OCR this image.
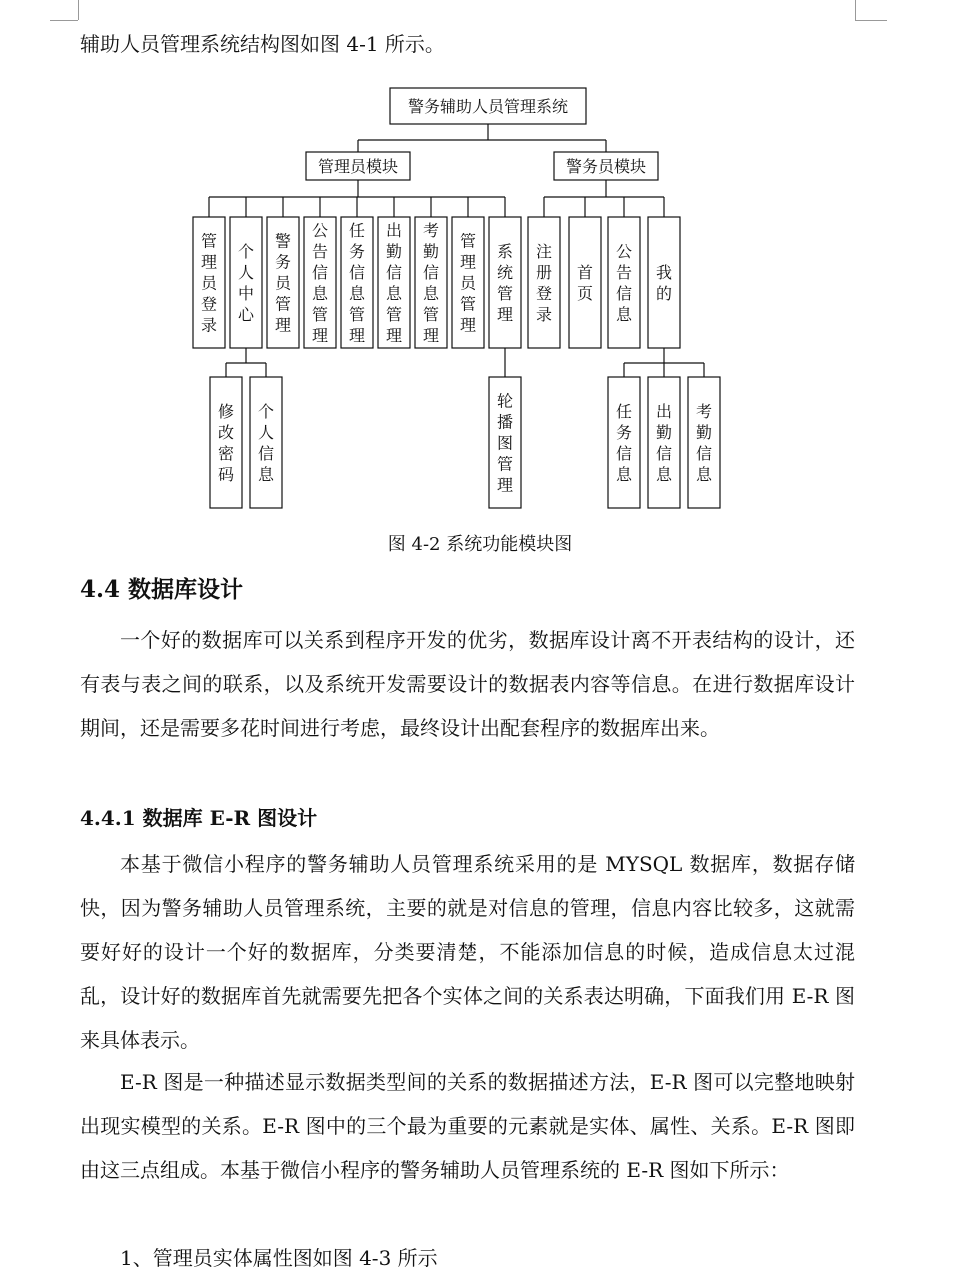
辅助人员管理系统结构图如图 4-1 所示。

警务辅助人员管理系统
管理员模块	警务员模块
管理员登录
个人中心
修改密码
个人信息
警务员管理
公告信息管理
任务信息管理
出勤信息管理
考勤信息管理
管理员管理
系统管理
轮播图管理
注册登录
首页
公告信息
我的
任务信息
出勤信息
考勤信息
图 4-2 系统功能模块图
4.4 数据库设计

一个好的数据库可以关系到程序开发的优劣，数据库设计离不开表结构的设计，还有表与表之间的联系，以及系统开发需要设计的数据表内容等信息。在进行数据库设计期间，还是需要多花时间进行考虑，最终设计出配套程序的数据库出来。

4.4.1 数据库 E-R 图设计

本基于微信小程序的警务辅助人员管理系统采用的是 MYSQL 数据库，数据存储快，因为警务辅助人员管理系统，主要的就是对信息的管理，信息内容比较多，这就需要好好的设计一个好的数据库，分类要清楚，不能添加信息的时候，造成信息太过混乱，设计好的数据库首先就需要先把各个实体之间的关系表达明确，下面我们用 E-R 图来具体表示。

E-R 图是一种描述显示数据类型间的关系的数据描述方法，E-R 图可以完整地映射出现实模型的关系。E-R 图中的三个最为重要的元素就是实体、属性、关系。E-R 图即由这三点组成。本基于微信小程序的警务辅助人员管理系统的 E-R 图如下所示：

1、管理员实体属性图如图 4-3 所示
